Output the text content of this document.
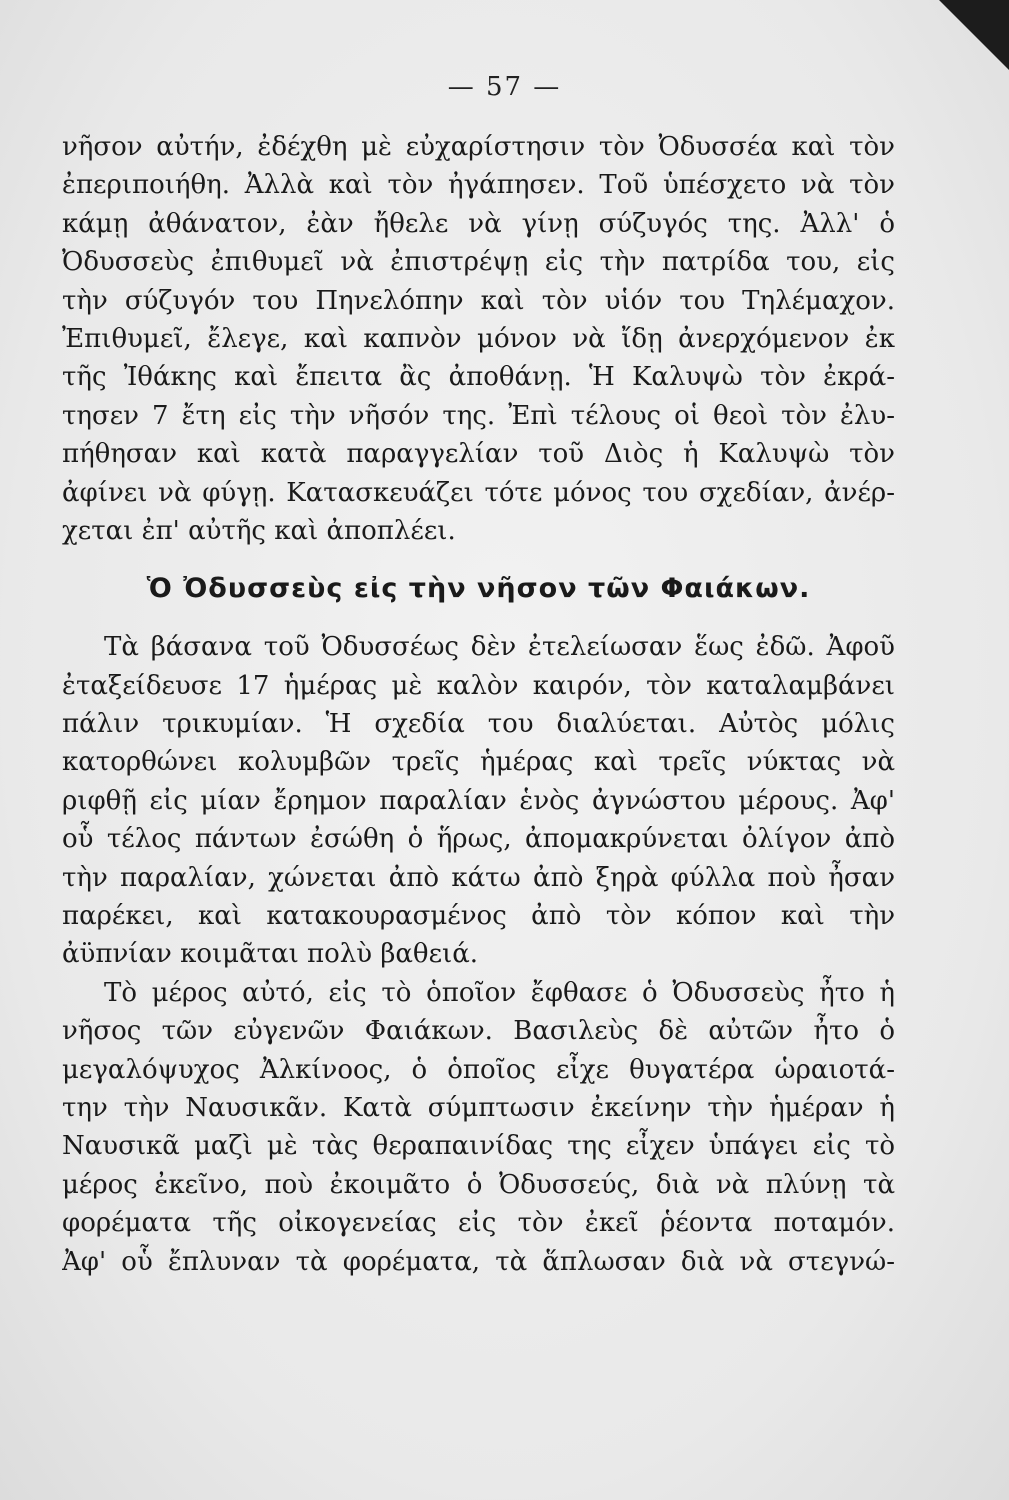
— 57 —
νῆσον αὐτήν, ἐδέχθη μὲ εὐχαρίστησιν τὸν Ὀδυσσέα καὶ τὸν
ἐπεριποιήθη. Ἀλλὰ καὶ τὸν ἠγάπησεν. Τοῦ ὑπέσχετο νὰ τὸν
κάμῃ ἀθάνατον, ἐὰν ἤθελε νὰ γίνῃ σύζυγός της. Ἀλλ' ὁ
Ὀδυσσεὺς ἐπιθυμεῖ νὰ ἐπιστρέψῃ εἰς τὴν πατρίδα του, εἰς
τὴν σύζυγόν του Πηνελόπην καὶ τὸν υἱόν του Τηλέμαχον.
Ἐπιθυμεῖ, ἔλεγε, καὶ καπνὸν μόνον νὰ ἴδῃ ἀνερχόμενον ἐκ
τῆς Ἰθάκης καὶ ἔπειτα ἂς ἀποθάνῃ. Ἡ Καλυψὼ τὸν ἐκρά-
τησεν 7 ἔτη εἰς τὴν νῆσόν της. Ἐπὶ τέλους οἱ θεοὶ τὸν ἐλυ-
πήθησαν καὶ κατὰ παραγγελίαν τοῦ Διὸς ἡ Καλυψὼ τὸν
ἀφίνει νὰ φύγῃ. Κατασκευάζει τότε μόνος του σχεδίαν, ἀνέρ-
χεται ἐπ' αὐτῆς καὶ ἀποπλέει.
Ὁ Ὀδυσσεὺς εἰς τὴν νῆσον τῶν Φαιάκων.
Τὰ βάσανα τοῦ Ὀδυσσέως δὲν ἐτελείωσαν ἕως ἐδῶ. Ἀφοῦ
ἐταξείδευσε 17 ἡμέρας μὲ καλὸν καιρόν, τὸν καταλαμβάνει
πάλιν τρικυμίαν. Ἡ σχεδία του διαλύεται. Αὐτὸς μόλις
κατορθώνει κολυμβῶν τρεῖς ἡμέρας καὶ τρεῖς νύκτας νὰ
ριφθῇ εἰς μίαν ἔρημον παραλίαν ἑνὸς ἀγνώστου μέρους. Ἀφ'
οὗ τέλος πάντων ἐσώθη ὁ ἥρως, ἀπομακρύνεται ὀλίγον ἀπὸ
τὴν παραλίαν, χώνεται ἀπὸ κάτω ἀπὸ ξηρὰ φύλλα ποὺ ἦσαν
παρέκει, καὶ κατακουρασμένος ἀπὸ τὸν κόπον καὶ τὴν
ἀϋπνίαν κοιμᾶται πολὺ βαθειά.
Τὸ μέρος αὐτό, εἰς τὸ ὁποῖον ἔφθασε ὁ Ὀδυσσεὺς ἦτο ἡ
νῆσος τῶν εὐγενῶν Φαιάκων. Βασιλεὺς δὲ αὐτῶν ἦτο ὁ
μεγαλόψυχος Ἀλκίνοος, ὁ ὁποῖος εἶχε θυγατέρα ὡραιοτά-
την τὴν Ναυσικᾶν. Κατὰ σύμπτωσιν ἐκείνην τὴν ἡμέραν ἡ
Ναυσικᾶ μαζὶ μὲ τὰς θεραπαινίδας της εἶχεν ὑπάγει εἰς τὸ
μέρος ἐκεῖνο, ποὺ ἐκοιμᾶτο ὁ Ὀδυσσεύς, διὰ νὰ πλύνῃ τὰ
φορέματα τῆς οἰκογενείας εἰς τὸν ἐκεῖ ῥέοντα ποταμόν.
Ἀφ' οὗ ἔπλυναν τὰ φορέματα, τὰ ἅπλωσαν διὰ νὰ στεγνώ-
